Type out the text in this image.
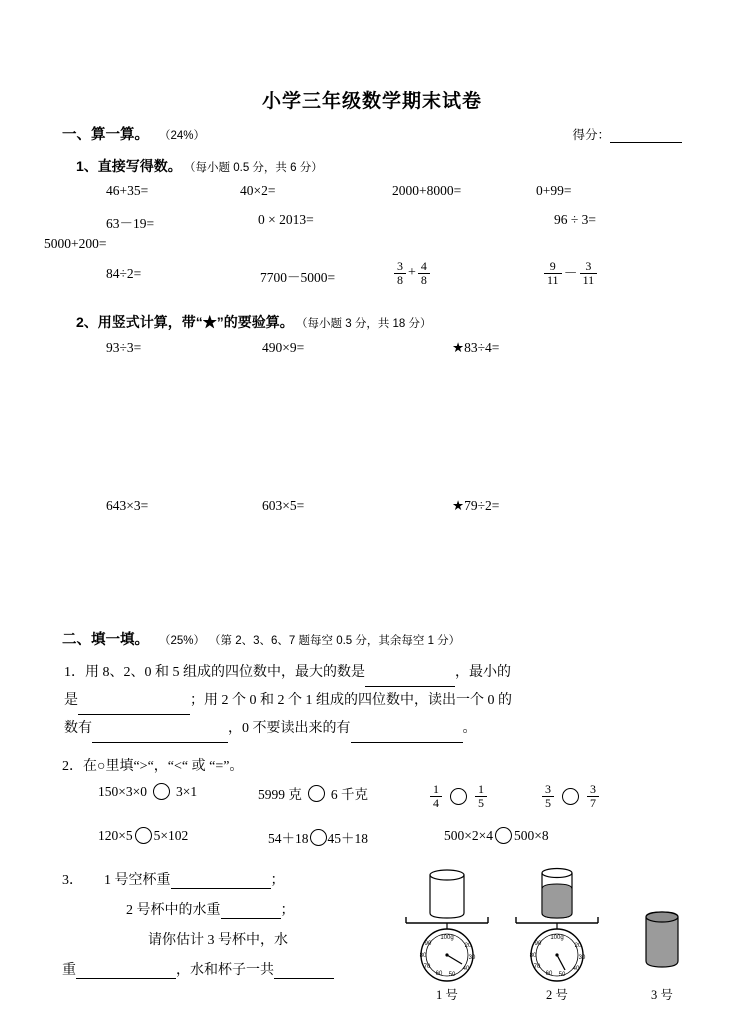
小学三年级数学期末试卷
一、算一算。 （24%）	得分：
1、直接写得数。 （每小题 0.5 分，共 6 分）
46+35=	40×2=	2000+8000=	0+99=
63－19=	0 × 2013=	96 ÷ 3=
5000+200=
84÷2=	7700－5000=	$\frac{3}{8} + \frac{4}{8}$	$\frac{9}{11} - \frac{3}{11}$
2、用竖式计算，带“★”的要验算。 （每小题 3 分，共 18 分）
93÷3=	490×9=	★83÷4=
643×3=	603×5=	★79÷2=
二、填一填。 （25%） （第 2、3、6、7 题每空 0.5 分，其余每空 1 分）
1．用 8、2、0 和 5 组成的四位数中，最大的数是	，最小的
是	；用 2 个 0 和 2 个 1 组成的四位数中，读出一个 0 的
数有	，0 不要读出来的有	。
2．在○里填“>“，“<“ 或 “=”。
150×3×0 3×1	5999 克 6 千克	$\frac{1}{4}$	$\frac{1}{5}$	$\frac{3}{5}$	$\frac{3}{7}$
120×5 5×102	54＋18 45＋18	500×2×4 500×8
3． 1 号空杯重	；
2 号杯中的水重	；
请你估计 3 号杯中，水
重	，水和杯子一共
100g
20
30
40
50
60
70
80
90
1 号
100g
20
30
40
50
60
70
80
90
2 号	3 号
